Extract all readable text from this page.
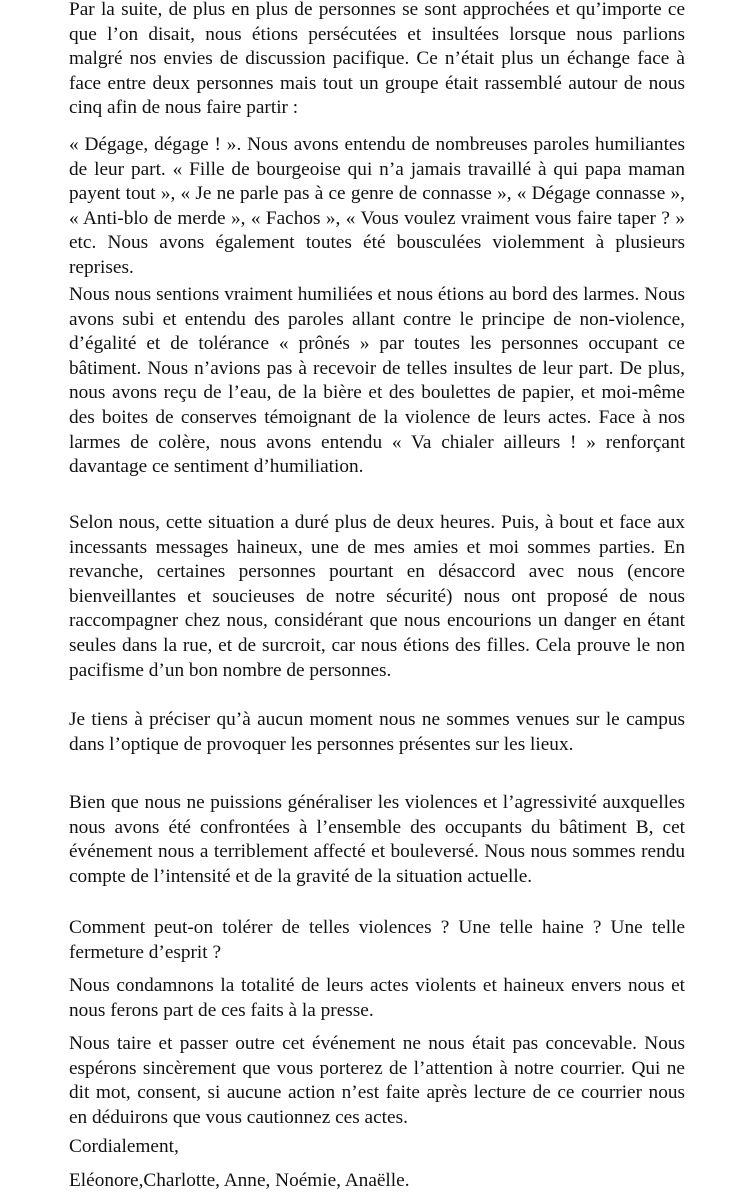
Par la suite, de plus en plus de personnes se sont approchées et qu’importe ce que l’on disait, nous étions persécutées et insultées lorsque nous parlions malgré nos envies de discussion pacifique. Ce n’était plus un échange face à face entre deux personnes mais tout un groupe était rassemblé autour de nous cinq afin de nous faire partir :

« Dégage, dégage ! ». Nous avons entendu de nombreuses paroles humiliantes de leur part. « Fille de bourgeoise qui n’a jamais travaillé à qui papa maman payent tout », « Je ne parle pas à ce genre de connasse », « Dégage connasse », « Anti-blo de merde », « Fachos », « Vous voulez vraiment vous faire taper ? » etc. Nous avons également toutes été bousculées violemment à plusieurs reprises.

Nous nous sentions vraiment humiliées et nous étions au bord des larmes. Nous avons subi et entendu des paroles allant contre le principe de non-violence, d’égalité et de tolérance « prônés » par toutes les personnes occupant ce bâtiment. Nous n’avions pas à recevoir de telles insultes de leur part. De plus, nous avons reçu de l’eau, de la bière et des boulettes de papier, et moi-même des boites de conserves témoignant de la violence de leurs actes. Face à nos larmes de colère, nous avons entendu « Va chialer ailleurs ! » renforçant davantage ce sentiment d’humiliation.

Selon nous, cette situation a duré plus de deux heures. Puis, à bout et face aux incessants messages haineux, une de mes amies et moi sommes parties. En revanche, certaines personnes pourtant en désaccord avec nous (encore bienveillantes et soucieuses de notre sécurité) nous ont proposé de nous raccompagner chez nous, considérant que nous encourions un danger en étant seules dans la rue, et de surcroit, car nous étions des filles. Cela prouve le non pacifisme d’un bon nombre de personnes.

Je tiens à préciser qu’à aucun moment nous ne sommes venues sur le campus dans l’optique de provoquer les personnes présentes sur les lieux.

Bien que nous ne puissions généraliser les violences et l’agressivité auxquelles nous avons été confrontées à l’ensemble des occupants du bâtiment B, cet événement nous a terriblement affecté et bouleversé. Nous nous sommes rendu compte de l’intensité et de la gravité de la situation actuelle.

Comment peut-on tolérer de telles violences ? Une telle haine ? Une telle fermeture d’esprit ?

Nous condamnons la totalité de leurs actes violents et haineux envers nous et nous ferons part de ces faits à la presse.

Nous taire et passer outre cet événement ne nous était pas concevable. Nous espérons sincèrement que vous porterez de l’attention à notre courrier. Qui ne dit mot, consent, si aucune action n’est faite après lecture de ce courrier nous en déduirons que vous cautionnez ces actes.

Cordialement,

Eléonore,Charlotte, Anne, Noémie, Anaëlle.
